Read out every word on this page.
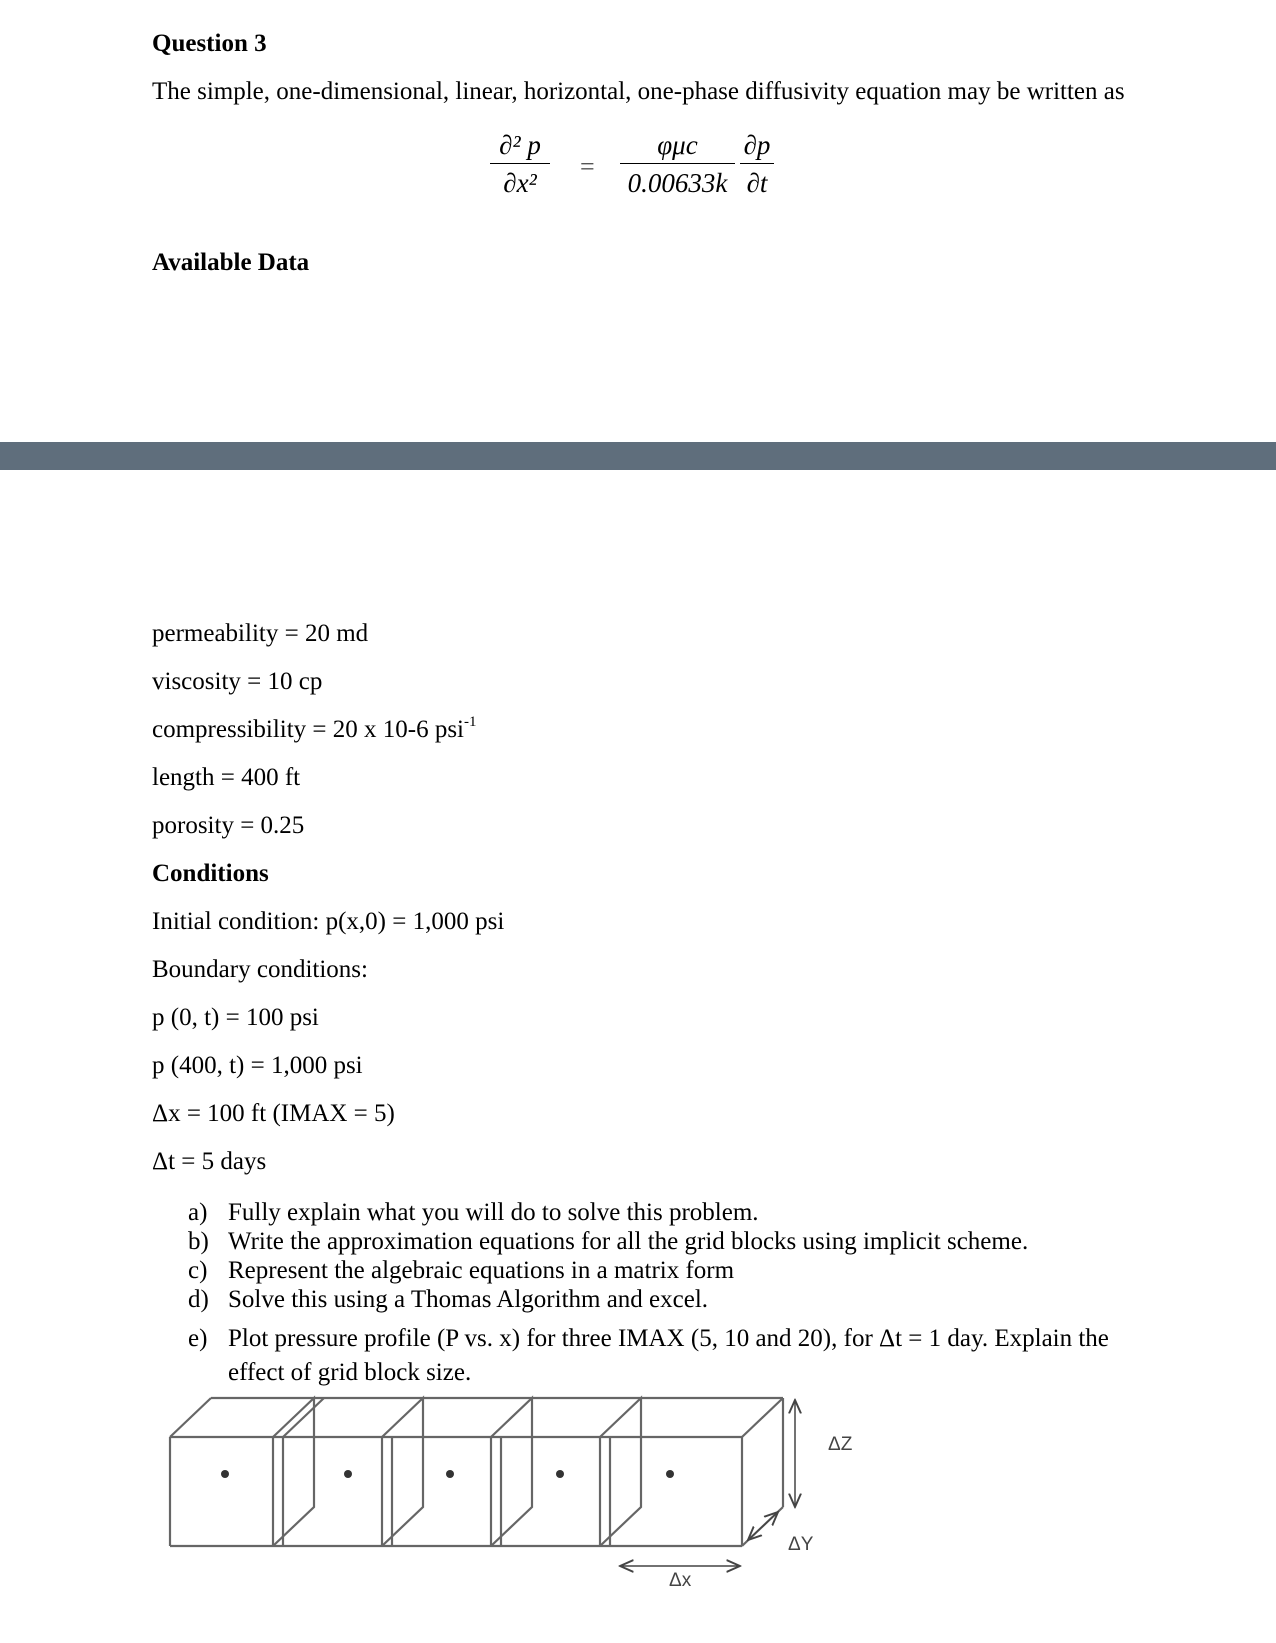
Question 3
The simple, one-dimensional, linear, horizontal, one-phase diffusivity equation may be written as
$\frac{\text{∂² p}}{\text{∂x²}}$ =
φμc
$0.00633k \frac{\partial p}{\partial t}$
Available Data
permeability = 20 md
viscosity = 10 cp
compressibility = 20 x 10-6 psi$^{-1}$
length = 400 ft
porosity = 0.25
Conditions
Initial condition: p(x,0) = 1,000 psi
Boundary conditions:
p (0, t) = 100 psi
p (400, t) = 1,000 psi
Δx = 100 ft (IMAX = 5)
Δt = 5 days
a) Fully explain what you will do to solve this problem.
b) Write the approximation equations for all the grid blocks using implicit scheme.
c) Represent the algebraic equations in a matrix form
d) Solve this using a Thomas Algorithm and excel.
e) Plot pressure profile (P vs. x) for three IMAX (5, 10 and 20), for Δt = 1 day. Explain the
effect of grid block size.
ΔZ
ΔY
Δx
